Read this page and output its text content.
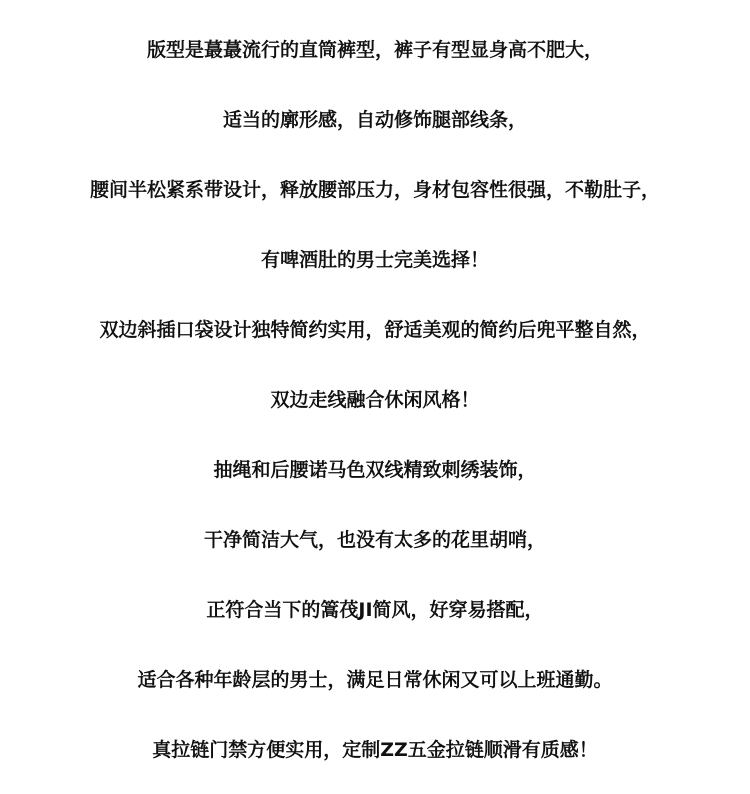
版型是蕞蕞流行的直筒裤型，裤子有型显身高不肥大，
适当的廓形感，自动修饰腿部线条，
腰间半松紧系带设计，释放腰部压力，身材包容性很强，不勒肚子，
有啤酒肚的男士完美选择！
双边斜插口袋设计独特简约实用，舒适美观的简约后兜平整自然，
双边走线融合休闲风格！
抽绳和后腰诺马色双线精致刺绣装饰，
干净简洁大气，也没有太多的花里胡哨，
正符合当下的篙茷JI简风，好穿易搭配，
适合各种年龄层的男士，满足日常休闲又可以上班通勤。
真拉链门禁方便实用，定制ZZ五金拉链顺滑有质感！
